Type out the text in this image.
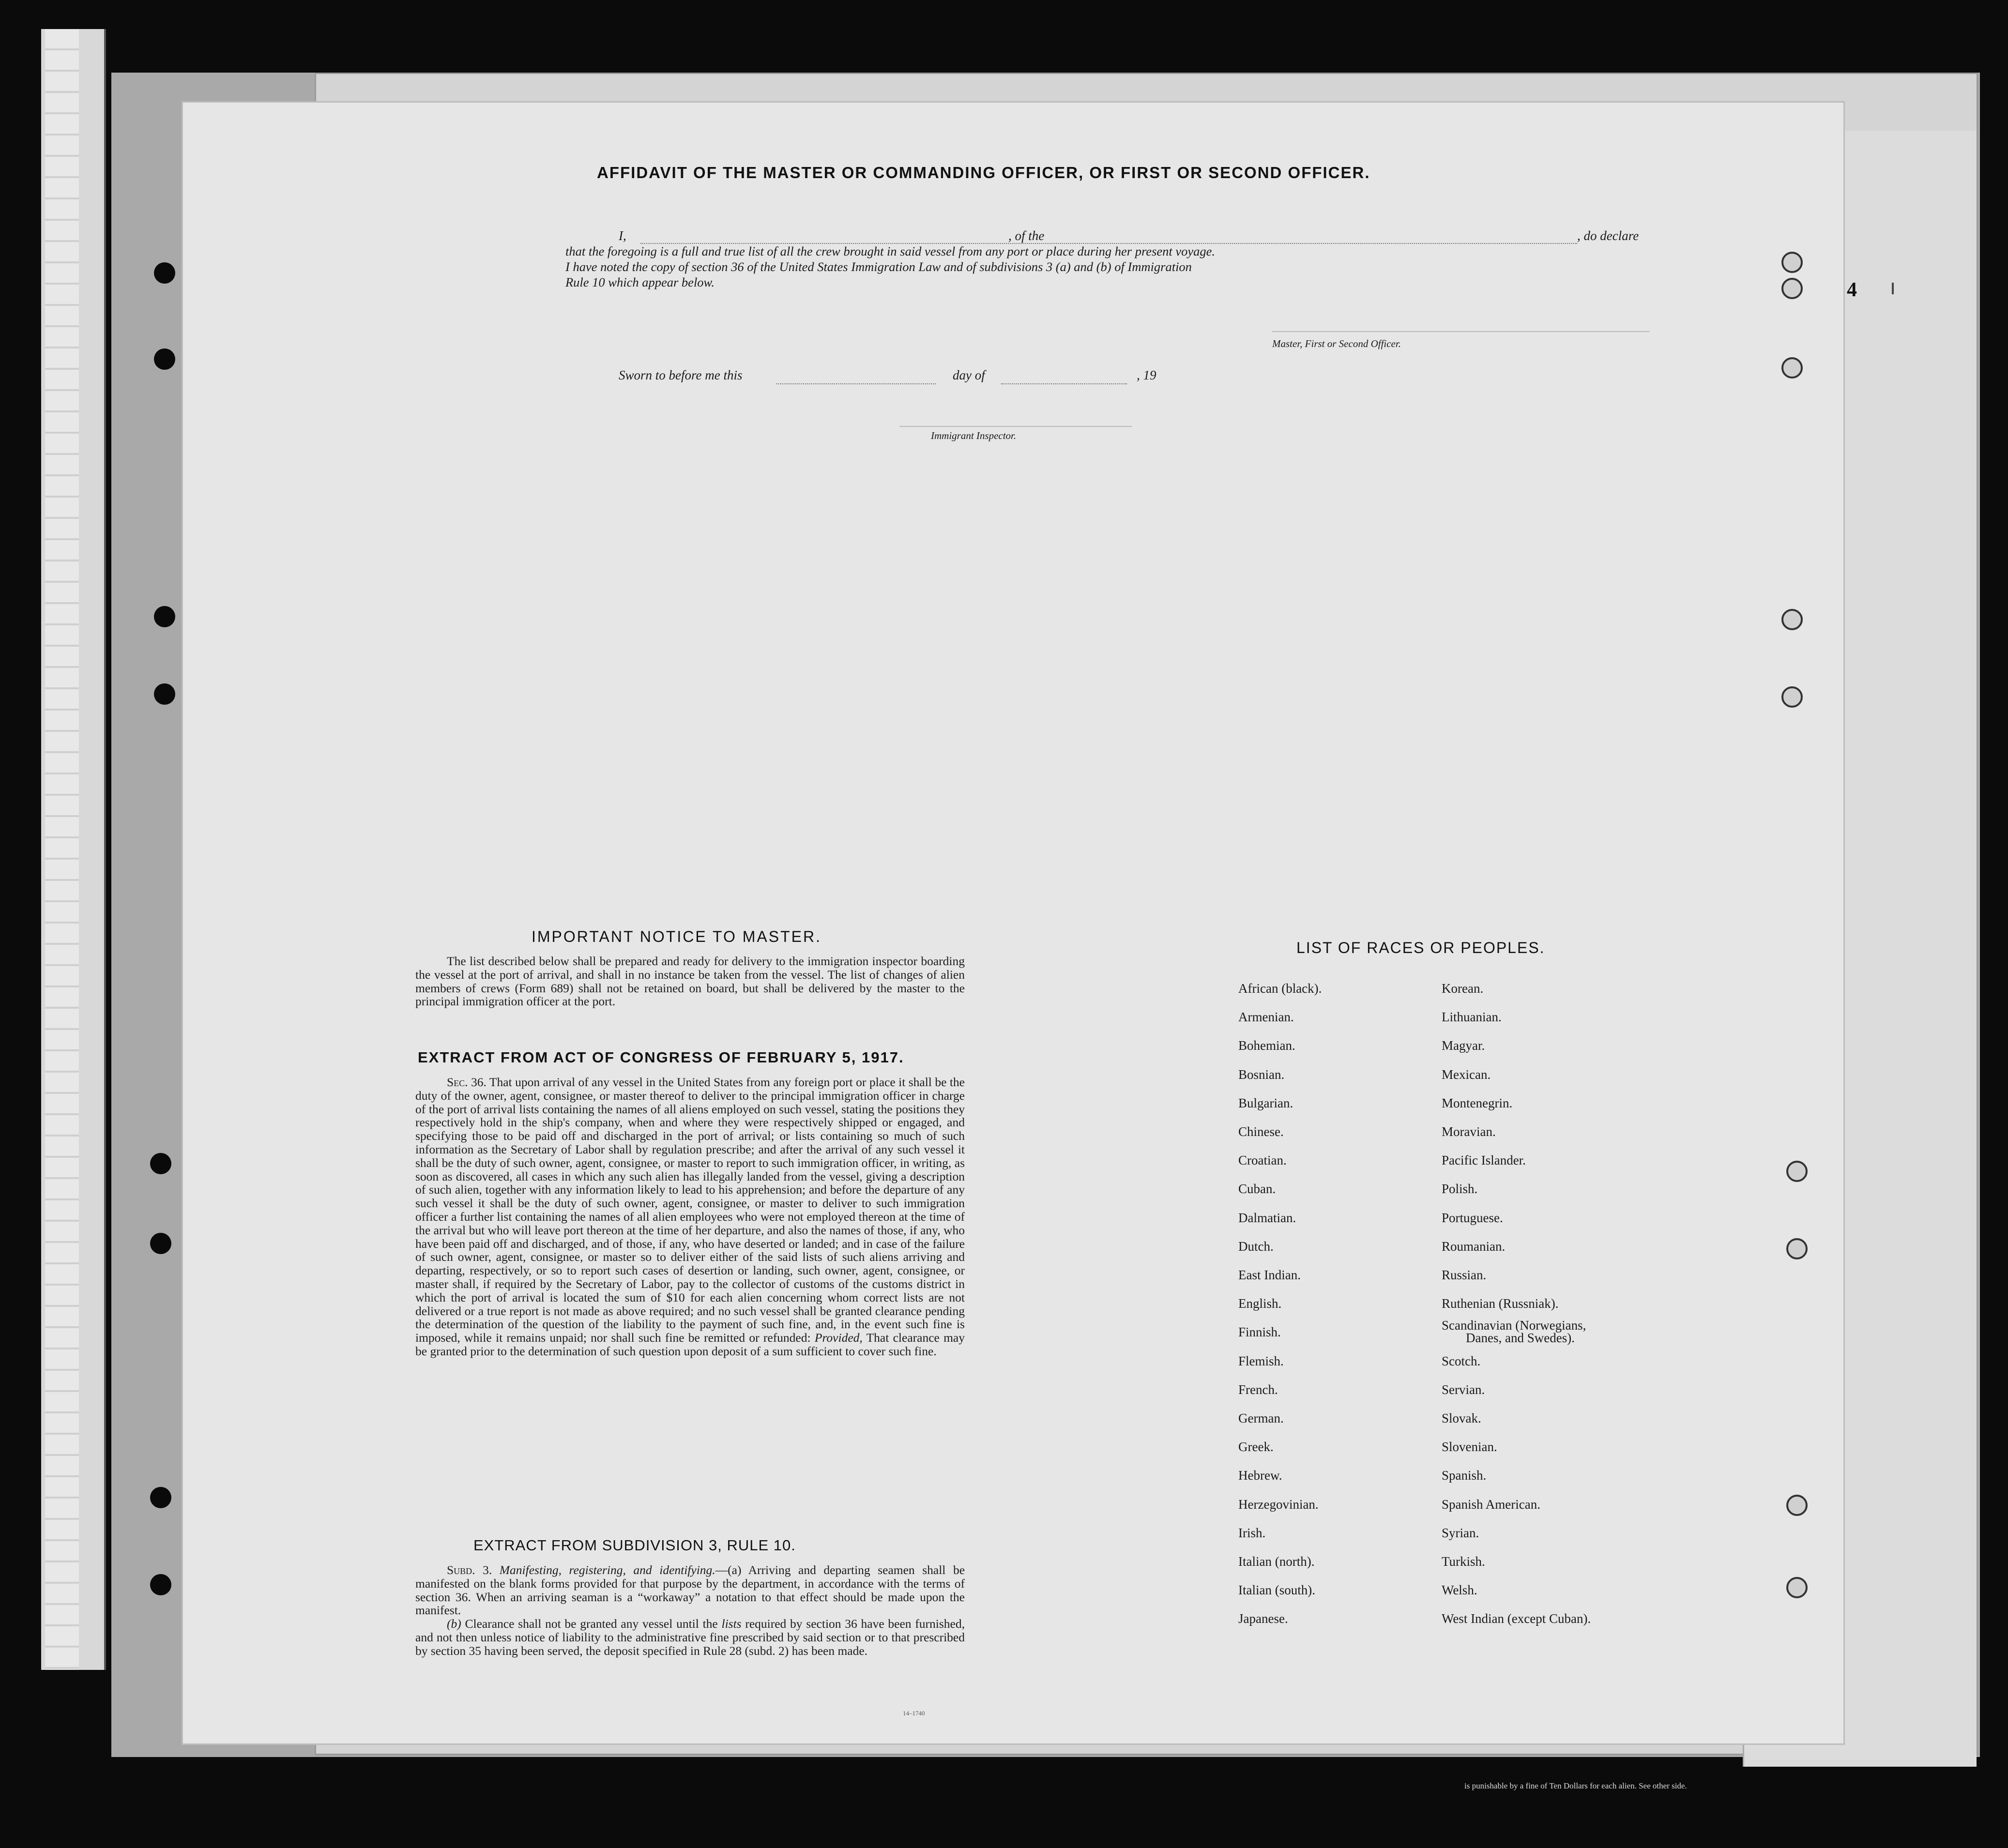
4
AFFIDAVIT OF THE MASTER OR COMMANDING OFFICER, OR FIRST OR SECOND OFFICER.
I,	, of the	, do declare
that the foregoing is a full and true list of all the crew brought in said vessel from any port or place during her present voyage.
I have noted the copy of section 36 of the United States Immigration Law and of subdivisions 3 (a) and (b) of Immigration
Rule 10 which appear below.
Master, First or Second Officer.
Sworn to before me this	day of	, 19
Immigrant Inspector.
IMPORTANT NOTICE TO MASTER.

The list described below shall be prepared and ready for delivery to the immigration inspector boarding the vessel at the port of arrival, and shall in no instance be taken from the vessel. The list of changes of alien members of crews (Form 689) shall not be retained on board, but shall be delivered by the master to the principal immigration officer at the port.

EXTRACT FROM ACT OF CONGRESS OF FEBRUARY 5, 1917.

Sec. 36. That upon arrival of any vessel in the United States from any foreign port or place it shall be the duty of the owner, agent, consignee, or master thereof to deliver to the principal immigration officer in charge of the port of arrival lists containing the names of all aliens employed on such vessel, stating the positions they respectively hold in the ship's company, when and where they were respectively shipped or engaged, and specifying those to be paid off and discharged in the port of arrival; or lists containing so much of such information as the Secretary of Labor shall by regulation prescribe; and after the arrival of any such vessel it shall be the duty of such owner, agent, consignee, or master to report to such immigration officer, in writing, as soon as discovered, all cases in which any such alien has illegally landed from the vessel, giving a description of such alien, together with any information likely to lead to his apprehension; and before the departure of any such vessel it shall be the duty of such owner, agent, consignee, or master to deliver to such immigration officer a further list containing the names of all alien employees who were not employed thereon at the time of the arrival but who will leave port thereon at the time of her departure, and also the names of those, if any, who have been paid off and discharged, and of those, if any, who have deserted or landed; and in case of the failure of such owner, agent, consignee, or master so to deliver either of the said lists of such aliens arriving and departing, respectively, or so to report such cases of desertion or landing, such owner, agent, consignee, or master shall, if required by the Secretary of Labor, pay to the collector of customs of the customs district in which the port of arrival is located the sum of $10 for each alien concerning whom correct lists are not delivered or a true report is not made as above required; and no such vessel shall be granted clearance pending the determination of the question of the liability to the payment of such fine, and, in the event such fine is imposed, while it remains unpaid; nor shall such fine be remitted or refunded: Provided, That clearance may be granted prior to the determination of such question upon deposit of a sum sufficient to cover such fine.

EXTRACT FROM SUBDIVISION 3, RULE 10.

Subd. 3. Manifesting, registering, and identifying.—(a) Arriving and departing seamen shall be manifested on the blank forms provided for that purpose by the department, in accordance with the terms of section 36. When an arriving seaman is a “workaway” a notation to that effect should be made upon the manifest.

(b) Clearance shall not be granted any vessel until the lists required by section 36 have been furnished, and not then unless notice of liability to the administrative fine prescribed by said section or to that prescribed by section 35 having been served, the deposit specified in Rule 28 (subd. 2) has been made.

14–1740
LIST OF RACES OR PEOPLES.
African (black).
Armenian.
Bohemian.
Bosnian.
Bulgarian.
Chinese.
Croatian.
Cuban.
Dalmatian.
Dutch.
East Indian.
English.
Finnish.
Flemish.
French.
German.
Greek.
Hebrew.
Herzegovinian.
Irish.
Italian (north).
Italian (south).
Japanese.
Korean.
Lithuanian.
Magyar.
Mexican.
Montenegrin.
Moravian.
Pacific Islander.
Polish.
Portuguese.
Roumanian.
Russian.
Ruthenian (Russniak).
Scandinavian (Norwegians,
Danes, and Swedes).
Scotch.
Servian.
Slovak.
Slovenian.
Spanish.
Spanish American.
Syrian.
Turkish.
Welsh.
West Indian (except Cuban).
is punishable by a fine of Ten Dollars for each alien. See other side.
